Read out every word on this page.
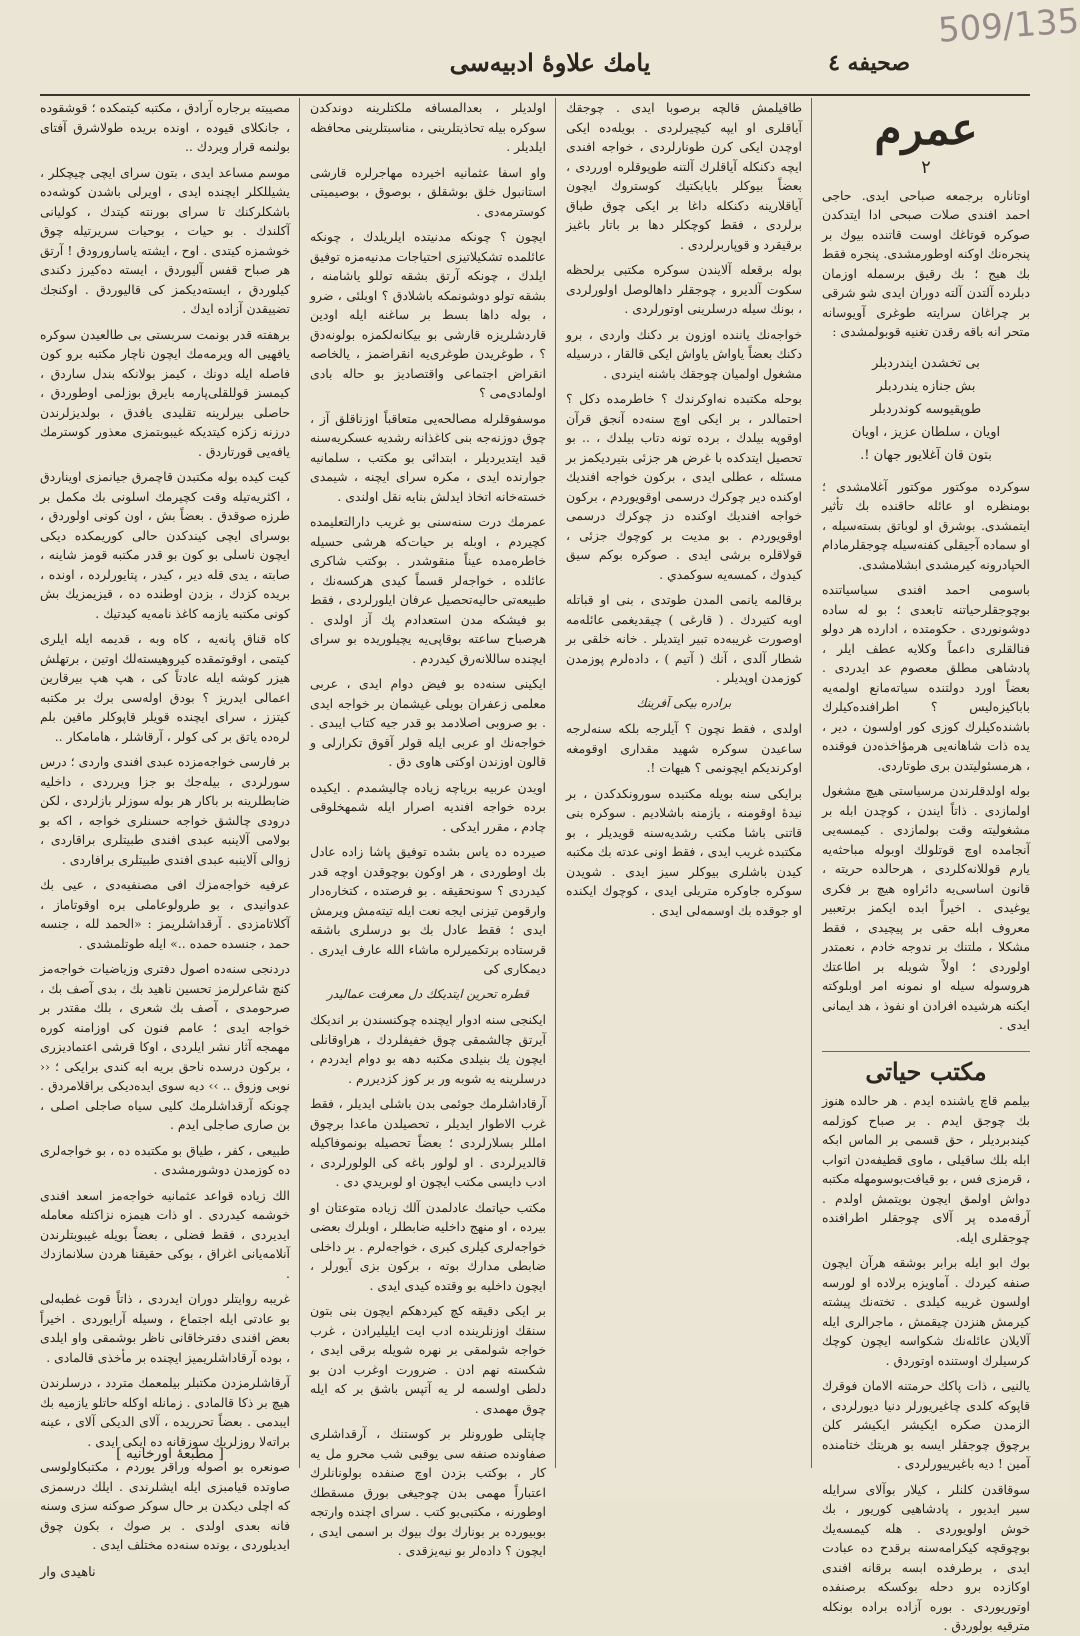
509/135
صحيفه ٤
يامك علاوهٔ ادبيه‌سى
عمرم
٢

اوتاناره برجمعه صباحى ايدى. حاجى احمد افندى صلات صبحى ادا ايتدكدن صوكره قوتاغك اوست قاتنده بيوك بر پنجره‌نك اوكنه اوطورمشدى. پنجره فقط بك هيج ؛ بك رقيق برسمله اوزمان دبلرده آلتدن آلته دوران ايدى شو شرقى بر چراغان سرايته طوغرى آويوسانه متحر انه باقه رقدن تغنيه قوبولمشدى :

بى تخشدن ايندردبلر
بش جنازه يندردبلر
طوپقيوسه كوندردبلر
اويان ، سلطان عزيز ، اويان
بتون قان آغلايور جهان !.

سوكرده موكتور موكتور آغلامشدى ؛ بومنظره او عائله حاقنده بك تأثير ايتمشدى. بوشرق او لوباتق بسته‌سيله ، او سماده آجيقلى كفنه‌سيله چوجقلرمادام الحپادرونه كيرمشدى ابشلامشدى.

باسومى احمد افندى سياسياتنده بوچوجقلرحياتنه تابعدى ؛ بو له ساده دوشونوردى . حكومتده ، ادارده هر دولو فنالقلرى داعماً وكلايه عطف ايلر ، پادشاهى مطلق معصوم عد ايدردى . بعضاً اورد دولتنده سياته‌مانع اولمه‌يه باباكيزه‌ليس ؟ اطرافنده‌كيلرك باشنده‌كيلرك كوزى كور اولسون ، دير ، يده ذات شاهانه‌يى هرمؤاخذه‌دن فوقنده ، هرمسئوليتدن برى طوتاردى.

بوله اولدقلرندن مرسياستى هيچ مشغول اولمازدى . ذاتاً ايندن ، كوچدن ابله بر مشغوليته وقت بولمازدى . كيمسه‌يى آنجامده اوچ قوتلولك اوبوله مباحثه‌يه يارم قوللانه‌كلردى ، هرحالده حريته ، قانون اساسى‌يه دائراوه هيچ بر فكرى يوغيدى . اخيراً ابده ايكمز برتعبير معروف ابله حقى بر پيچيدى ، فقط مشكلا ، ملتنك بر ندوجه خادم ، نعمتدر اولوردى ؛ اولاً شويله بر اطاعتك هروسوله سيله او نمونه امر اوبلوكته ايكنه هرشيده افرادن او نفوذ ، هد ايمانى ايدى .

مكتب حياتى

بيلمم قاچ ياشنده ايدم . هر حالده هنوز بك چوجق ايدم . بر صباح كوزلمه كيندبرديلر ، حق قسمى بر الماس ابكه ابله بلك ساقيلى ، ماوى قطيفه‌دن اتواب ، قرمزى فس ، بو قيافت‌بوسومهله مكتبه دواش اولمق ايچون بويتمش اولدم . آرقه‌مده پر آلاى چوجقلر اطرافنده چوجقلرى ايله.

بوك ابو ايله برابر بوشقه هرآن ايچون صنفه كيردك . آماويزه برلاده او لورسه اولسون غريبه كيلدى . تخته‌نك پيشته كيرمش هنزدن چيقمش ، ماجرالرى ايله آلايلان عائله‌نك شكواسه ايچون كوچك كرسيلرك اوستنده اوتوردق .

يالنيى ، ذات پاكك حرمتنه الامان فوقرك قاپوكه كلدى چاغيريورلر دنيا ديورلردى ، الزمدن صكره ايكيشر ايكيشر كلن برچوق چوجقلر ايسه بو هريتك ختامنده آمين ! ديه باغيرييورلردى .

سوقاقدن كلنلر ، كيلار بوآلاى سرايله سير ايديور ، پادشاهيى كوريور ، بك خوش اولويوردى . هله كيمسه‌يك بوچوقچه كيكرامه‌سنه برقدح ده عبادت ايدى ، برطرفده ابسه برقانه افندى اوكازده برو دحله بوكسكه برصنفده اوتوريوردى . بوره آزاده براده بونكله مترقيه بولوردق .

طاقيلمش قالچه برصوبا ايدى . چوجقك آياقلرى او ايپه كيچيرلردى . بويله‌ده ايكى اوچدن ايكى كرن طونارلردى ، خواجه افندى ايچه دكنكله آياقلرك آلتنه طوپوقلره اورردى ، بعضاً بيوكلر بايابكتيك كوستروك ايچون آياقلارينه دكنكله داغا بر ايكى چوق طباق برلردى ، فقط كوچكلر دها بر باتار باغيز برقيقرد و قوپاربرلردى .

بوله برقعله آلايندن سوكره مكتبى برلحظه سكوت آلديرو ، چوجقلر داهالوصل اولورلردى ، بونك سيله درسلرينى اوتورلردى .

خواجه‌نك ياننده اوزون بر دكنك واردى ، برو دكنك بعضاً ياواش ياواش ايكى قالقار ، درسيله مشغول اولميان چوجقك باشنه اينردى .

بوحله مكتبده نه‌اوكرندك ؟ خاطرمده دكل ؟ احتمالدر ، بر ايكى اوچ سنه‌ده آنجق قرآن اوقوپه بيلدك ، برده تونه دتاب بيلدك ، .. بو تحصيل ايتدكده با غرض هر جزئى بتيرديكمز بر مسئله ، عطلى ايدى ، بركون خواجه افنديك اوكنده دير چوكرك درسمى اوقويوردم ، بركون خواجه افنديك اوكنده دز چوكرك درسمى اوقويوردم . بو مديت بر كوچوك جزئى ، قولاقلره برشى ايدى . صوكره بوكم سيق كيدوك ، كمسه‌يه سوكمدي .

برقالمه يانمى المدن طوتدى ، بنى او قباتله اوبه كتيردك . ( قارغى ) چيقديغمى عائله‌مه اوصورت غريبه‌ده تبير ايتديلر . خانه خلقى بر شطار آلدى ، آنك ( آتيم ) ، داده‌لرم پوزمدن كوزمدن اوپديلر .

برادره بيكى آفرينك

اولدى ، فقط نچون ؟ آيلرجه بلكه سنه‌لرجه ساعيدن سوكره شهيد مقدارى اوقومغه اوكرنديكم ايچونمى ؟ هيهات !.

برايكى سنه بويله مكتبده سورونكدكدن ، بر نيدهٔ اوقومنه ، يازمنه باشلاديم . سوكره بنى قاتنى باشا مكتب رشديه‌سنه قويديلر ، بو مكتبده غريب ايدى ، فقط اونى عدته بك مكتبه كيدن باشلرى بيوكلر سيز ايدى . شويدن سوكره جاوكره متريلى ايدى ، كوچوك ايكنده او جوقده بك اوسمه‌لى ايدى .

اولديلر ، بعدالمسافه ملكتلرينه دوندكدن سوكره بيله تحاذيتلرينى ، مناسبتلرينى محافظه ايلديلر .

واو اسفا عثمانيه اخيرده مهاجرلره قارشى استانبول خلق بوشقلق ، بوصوق ، بوصيميتى كوسترمه‌دى .

ايچون ؟ چونكه مدنيتده ايلريلدك ، چونكه عائلمده تشكيلاتيزى احتياجات مدنيه‌مزه توفيق ايلدك ، چونكه آرتق بشقه توللو ياشامنه ، بشقه تولو دوشونمكه باشلادق ؟ اوبلئى ، ضرو ، بوله داها بسط بر ساغنه ايله اودين قاردشلريزه قارشى بو بيكانه‌لكمزه بولونه‌دق ؟ ، طوغريدن طوغرى‌يه انقراضمز ، يالخاصه انقراض اجتماعى واقتصاديز بو حاله بادى اولمادى‌مى ؟

موسفوقلرله مصالحه‌يى متعاقباً اوزناقلق آز ، چوق دوزنه‌جه بنى كاغذانه رشديه عسكريه‌سنه قيد ايتديرديلر ، ابتدائى بو مكتب ، سلمانيه جوارنده ايدى ، مكره سراى ايچنه ، شيمدى خسته‌خانه اتخاذ ايدلش بنايه نقل اولندى .

عمرمك درت سنه‌سنى بو غريب دارالتعليمده كچيردم ، اوبله بر حيات‌كه هرشى حسيله خاطره‌مده عيناً منقوشدر . بوكتب شاكرى عائلده ، خواجه‌لر قسماً كيدى هركسه‌نك ، طبيعه‌تى حاليه‌تحصيل عرفان ايلورلردى ، فقط بو فيشكه مدن استعدادم پك آز اولدى . هرصباح ساعته بوقاپى‌يه يچيلوريده بو سراى ايچنده ساللانه‌رق كيدردم .

ايكينى سنه‌ده بو فيض دوام ايدى ، عربى معلمى زعفران بويلى غيشمان بر خواجه ايدى . بو صروبى اصلادمد بو قدر جيه كتاب ايبدى . خواجه‌نك او عربى ايله قولر آقوق تكرارلى و قالون اوزندن اوكتى هاوى دق .

اويدن عربيه برياچه زياده چاليشمدم . ايكيده برده خواجه افنديه اصرار ايله شمهخلوقى چادم ، مقرر ايدكى .

صيرده ده ياس بشده توفيق پاشا زاده عادل بك اوطوردى ، هر اوكون بوچوقدن اوچه قدر كيدردى ؟ سونحقيقه . بو فرصتده ، كتخاره‌دار وارقومن تيزنى ايجه نعت ايله تيته‌مش ويرمش ايدى ؛ فقط عادل بك بو درسلرى باشقه قرستاده برتكميرلره ماشاء الله عارف ايدرى . ديمكارى كى

قطره تحرين ايتديكك دل معرفت عماليدر

ايكنجى سنه ادوار ايچنده چوكنسندن بر انديكك آيرتق چالشمقى چوق خفيفلردك ، هراوقانلى ايچون يك بنيلدى مكتبه دهه بو دوام ايدردم ، درسلرينه يه شوبه ور بر كوز كزديررم .

آرقاداشلرمك جوئمى بدن باشلى ايديلر ، فقط غرب الاطوار ايديلر ، تحصيلدن ماعدا برچوق امللر بسلارلردى ؛ بعضاً تحصيله بونموفاكيله قالديرلردى . او لولور باغه كى الولورلردى ، ادب دايسى مكتب ايچون او لوبريدي دى .

مكتب حياتمك عادلمدن آلك زياده متوعتان او بيرده ، او منهج داخليه ضابطلر ، اوبلرك بعضى خواجه‌لرى كيلرى كبرى ، خواجه‌لرم . بر داخلى ضابطى مدارك بوته ، بركون بزى آيورلر ، ايچون داخليه بو وقتده كيدى ايدى .

بر ايكى دقيقه كچ كيردهكم ايچون بنى بتون سنقك اوزنلرينده ادب ايت ايليليرادن ، غرب خواجه شولمقى بر نهره شويله برقى ايدى ، شكسته نهم ادن . ضرورت اوغرب ادن بو دلطى اولسمه لر يه آتپس باشق بر كه ايله چوق مهمدى .

چاپتلى طورونلر بر كوستنك ، آرقداشلرى صفاونده صنفه سى يوقبى شب محرو مل يه كار ، بوكتب بزدن اوچ صنفده بولونانلرك اعتباراً مهمى بدن چوجيغى بورق مسقطك اوطورنه ، مكتبى‌بو كتب . سراى اچنده وارتجه بوبيورده بر بونارك بوك بيوك بر اسمى ايدى ، ايچون ؟ داده‌لر بو نيه‌يزقدى .

مصيبته برجاره آرادق ، مكتبه كيتمكده ؛ قوشقوده ، جانكلاى قيوده ، اونده بريده طولاشرق آفتاى بولنمه قرار ويردك ..

موسم مساعد ايدى ، بتون سراى ايچى چيچكلر ، يشيللكلر ايچنده ايدى ، اويرلى باشدن كوشه‌ده باشكلركنك تا سراى بورنته كيتدك ، كوليانى آكلندك . بو حيات ، بوحيات سريرتيله چوق خوشمزه كيتدى . اوح ، ايشته ياسارورودق ! آرتق هر صباح قفس آليوردق ، ايسته ده‌كيرز دكندى كيلوردق ، ايسته‌ديكمز كى قاليوردق . اوكنجك تضييقدن آزاده ايدك .

برهفته قدر بونمت سربستى بى طالعيدن سوكره يافهيى اله ويرمه‌مك ايچون ناچار مكتبه برو كون فاصله ايله دونك ، كيمز بولانكه بندل ساردق ، كيمسز قوللقلى‌پارمه بايرق بوزلمى اوطوردق ، حاصلى بيرلرينه تقليدى يافدق ، بولديزلرندن درزنه زكزه كيتديكه غيبوبتمزى معذور كوسترمك يافه‌يى قورتاردق .

كيت كيده بوله مكتبدن قاچمرق جيانمزى اويناردق ، اكثريه‌تيله وقت كچيرمك اسلونى بك مكمل بر طرزه صوقدق . بعضاً بش ، اون كونى اولوردق ، بوسراى ايچى كيندكدن حالى كوريمكده ديكى ايچون ناسلى بو كون بو قدر مكتبه قومز شاينه ، صابته ، يدى قله دير ، كيدر ، پتايورلرده ، اونده ، بريده كزدك ، بزدن اوطنده ده ، قيزيمزيك بش كونى مكتبه يازمه كاغذ نامه‌يه كيدتيك .

كاه قناق پانه‌يه ، كاه وبه ، قديمه ايله ايلرى كيتمى ، اوقوتمقده كيروهيسته‌لك اوتين ، برتهلش هيزر كوشه ايله عادتاً كى ، هپ هپ بيرقارين اعمالى ايدريز ؟ بودق اوله‌سى برك بر مكتبه كيتزز ، سراى ايچنده قويلر قاپوكلر ماقين بلم لره‌ده ياتق بر كى كولر ، آرقاشلر ، هامامكار ..

بر فارسى خواجه‌مزده عبدى افندى واردى ؛ درس سورلردى ، بيله‌جك بو جزا ويرردى ، داخليه ضابطلرينه بر باكار هر بوله سوزلر بازلردى ، لكن درودى چالشق خواجه حسنلرى خواجه ، اكه بو بولامى آلاينبه عبدى افندى طبيتلرى براقاردى ، زوالى آلاينبه عبدى افندى طبيتلرى برافاردى .

عرفيه خواجه‌مزك افى مصنفيه‌دى ، عيى بك عدوانيدى ، بو طرولوعاملى بره اوقوتاماز ، آكلاتامزدى . آرقداشلريمز : «الحمد لله ، جنسه حمد ، جنسده حمده ..» ايله طوتلمشدى .

دردنجى سنه‌ده اصول دفترى وزياضيات خواجه‌مز كنچ شاعرلرمز تحسين ناهيد بك ، بدى آصف بك ، صرحومدى ، آصف بك شعرى ، بلك مقتدر بر خواجه ايدى ؛ عامم فنون كى اوزامنه كوره مهمجه آثار نشر ايلردى ، اوكا قرشى اعتماديزرى ، بركون درسده ناحق بريه ابه كندى برايكى ؛ ‹‹ نوبى وزوق .. ›› ديه سوى ايده‌ديكى براقلامردق . چونكه آرقداشلرمك كليى سياه صاجلى اصلى ، بن صارى صاجلى ايدم .

طبيعى ، كفر ، طياق بو مكتبده ده ، بو خواجه‌لرى ده كوزمدن دوشورمشدى .

الك زياده قواعد عثمانيه خواجه‌مز اسعد افندى خوشمه كيدردى . او ذات هيمزه نزاكتله معامله ايديردى ، فقط فضلى ، بعضاً بويله غيبوبتلرندن آنلامه‌يانى اغراق ، بوكى حقيقنا هردن سلانمازدك .

غريبه روايتلر دوران ايدردى ، ذاتاً قوت غطبه‌لى بو عادتى ايله اجتماع ، وسيله آرايوردى . اخيراً بعض افندى دفترخاقانى ناظر بوشمقى واو ايلدى ، بوده آرقاداشلريميز ايچنده بر مأخذى قالمادى .

آرقاشلرمزدن مكتبلر بيلمعمك متردد ، درسلرندن هيچ بر ذكا قالمادى . زمانله اوكله حاتلو يازميه بك ايبدمى . بعضاً تحرريده ، آلاى الديكى آلاى ، عينه براته‌لا روزلريك سوزقانه ده ايكى ايدى .

صونعره بو اصوله وراقر يوردم ، مكتبكاولوسى صاوتده قيامبزى ايله ايشلرندى . ايلك درسمزى كه اچلى ديكدن بر حال سوكر صوكنه سزى وسنه فانه بعدى اولدى . بر صوك ، بكون چوق ايديلوردى ، بونده سنه‌ده مختلف ايدى .

ناهيدى وار
[ مطبعهٔ اورخانيه ]
